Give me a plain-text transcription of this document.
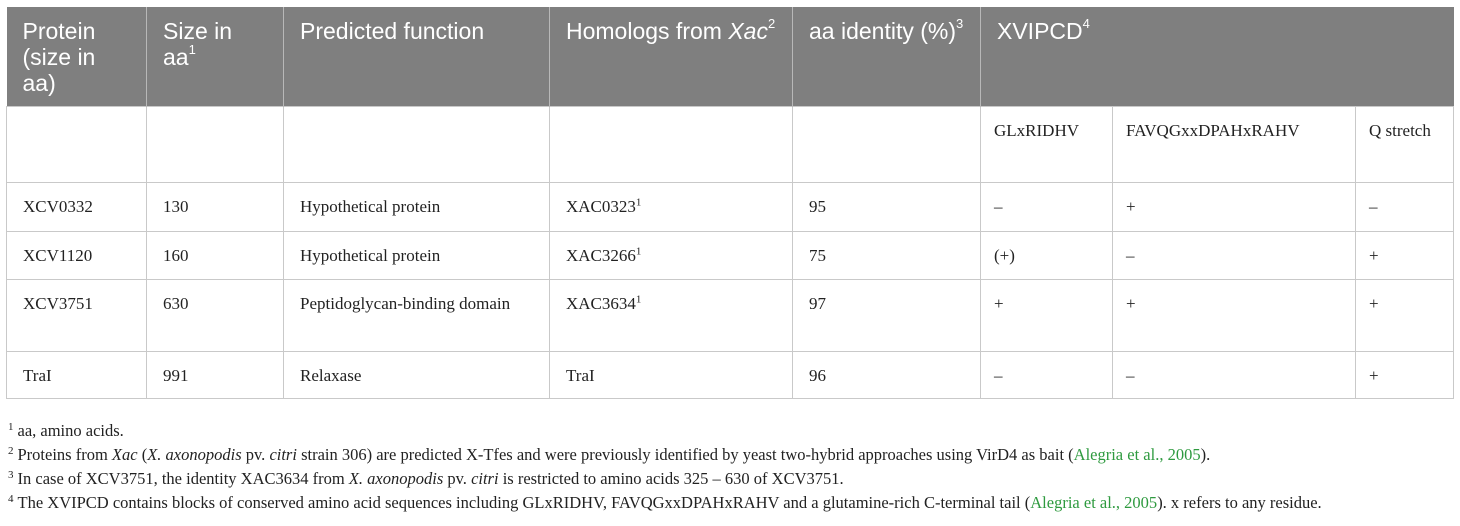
Protein (size in aa)	Size in $aa^1$	Predicted function	Homologs from Xac$^2$	aa identity (%)$^3$	XVIPCD$^4$
					GLxRIDHV	FAVQGxxDPAHxRAHV	Q stretch
XCV0332	130	Hypothetical protein	XAC0323$^1$	95	–	+	–
XCV1120	160	Hypothetical protein	XAC3266$^1$	75	(+)	–	+
XCV3751	630	Peptidoglycan-binding domain	XAC3634$^1$	97	+	+	+
TraI	991	Relaxase	TraI	96	–	–	+
$^1$ aa, amino acids.
$^2$ Proteins from Xac (X. axonopodis pv. citri strain 306) are predicted X-Tfes and were previously identified by yeast two-hybrid approaches using VirD4 as bait (Alegria et al., 2005).
$^3$ In case of XCV3751, the identity XAC3634 from X. axonopodis pv. citri is restricted to amino acids 325 – 630 of XCV3751.
$^4$ The XVIPCD contains blocks of conserved amino acid sequences including GLxRIDHV, FAVQGxxDPAHxRAHV and a glutamine-rich C-terminal tail (Alegria et al., 2005). x refers to any residue.
